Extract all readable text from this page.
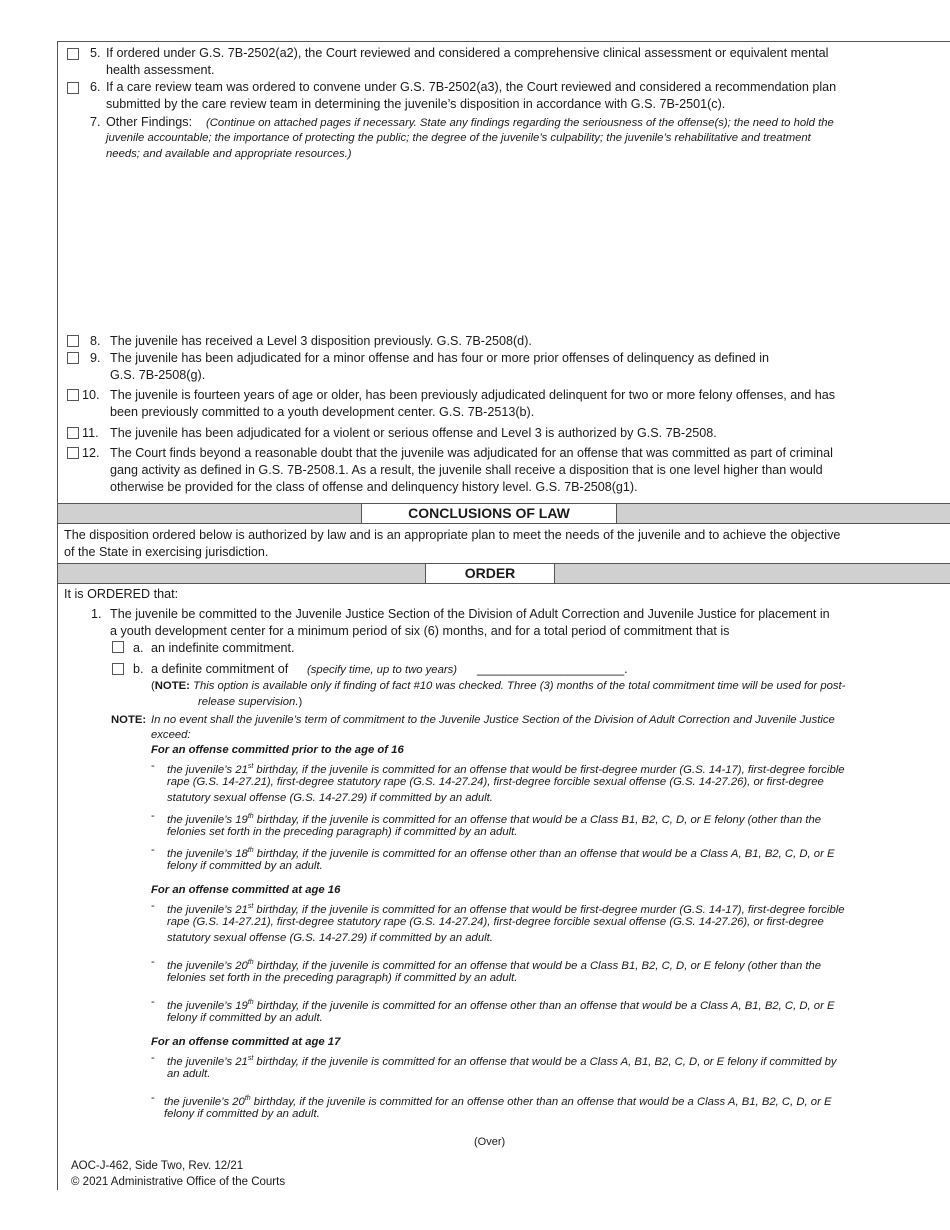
5. If ordered under G.S. 7B-2502(a2), the Court reviewed and considered a comprehensive clinical assessment or equivalent mental
health assessment.
6. If a care review team was ordered to convene under G.S. 7B-2502(a3), the Court reviewed and considered a recommendation plan
submitted by the care review team in determining the juvenile’s disposition in accordance with G.S. 7B-2501(c).
7. Other Findings: (Continue on attached pages if necessary. State any findings regarding the seriousness of the offense(s); the need to hold the
juvenile accountable; the importance of protecting the public; the degree of the juvenile’s culpability; the juvenile’s rehabilitative and treatment
needs; and available and appropriate resources.)
8. The juvenile has received a Level 3 disposition previously. G.S. 7B-2508(d).
9. The juvenile has been adjudicated for a minor offense and has four or more prior offenses of delinquency as defined in
G.S. 7B-2508(g).
10. The juvenile is fourteen years of age or older, has been previously adjudicated delinquent for two or more felony offenses, and has
been previously committed to a youth development center. G.S. 7B-2513(b).
11. The juvenile has been adjudicated for a violent or serious offense and Level 3 is authorized by G.S. 7B-2508.
12. The Court finds beyond a reasonable doubt that the juvenile was adjudicated for an offense that was committed as part of criminal
gang activity as defined in G.S. 7B-2508.1. As a result, the juvenile shall receive a disposition that is one level higher than would
otherwise be provided for the class of offense and delinquency history level. G.S. 7B-2508(g1).
CONCLUSIONS OF LAW
The disposition ordered below is authorized by law and is an appropriate plan to meet the needs of the juvenile and to achieve the objective
of the State in exercising jurisdiction.
ORDER
It is ORDERED that:
1. The juvenile be committed to the Juvenile Justice Section of the Division of Adult Correction and Juvenile Justice for placement in
a youth development center for a minimum period of six (6) months, and for a total period of commitment that is
a. an indefinite commitment.
b. a definite commitment of (specify time, up to two years) _____________________.
(NOTE: This option is available only if finding of fact #10 was checked. Three (3) months of the total commitment time will be used for post-
release supervision.)
NOTE: In no event shall the juvenile’s term of commitment to the Juvenile Justice Section of the Division of Adult Correction and Juvenile Justice
exceed:
For an offense committed prior to the age of 16
- the juvenile’s 21st birthday, if the juvenile is committed for an offense that would be first-degree murder (G.S. 14-17), first-degree forcible
rape (G.S. 14-27.21), first-degree statutory rape (G.S. 14-27.24), first-degree forcible sexual offense (G.S. 14-27.26), or first-degree
statutory sexual offense (G.S. 14-27.29) if committed by an adult.
- the juvenile’s 19th birthday, if the juvenile is committed for an offense that would be a Class B1, B2, C, D, or E felony (other than the
felonies set forth in the preceding paragraph) if committed by an adult.
- the juvenile’s 18th birthday, if the juvenile is committed for an offense other than an offense that would be a Class A, B1, B2, C, D, or E
felony if committed by an adult.
For an offense committed at age 16
- the juvenile’s 21st birthday, if the juvenile is committed for an offense that would be first-degree murder (G.S. 14-17), first-degree forcible
rape (G.S. 14-27.21), first-degree statutory rape (G.S. 14-27.24), first-degree forcible sexual offense (G.S. 14-27.26), or first-degree
statutory sexual offense (G.S. 14-27.29) if committed by an adult.
- the juvenile’s 20th birthday, if the juvenile is committed for an offense that would be a Class B1, B2, C, D, or E felony (other than the
felonies set forth in the preceding paragraph) if committed by an adult.
- the juvenile’s 19th birthday, if the juvenile is committed for an offense other than an offense that would be a Class A, B1, B2, C, D, or E
felony if committed by an adult.
For an offense committed at age 17
- the juvenile’s 21st birthday, if the juvenile is committed for an offense that would be a Class A, B1, B2, C, D, or E felony if committed by
an adult.
- the juvenile’s 20th birthday, if the juvenile is committed for an offense other than an offense that would be a Class A, B1, B2, C, D, or E
felony if committed by an adult.
(Over)
AOC-J-462, Side Two, Rev. 12/21
© 2021 Administrative Office of the Courts
